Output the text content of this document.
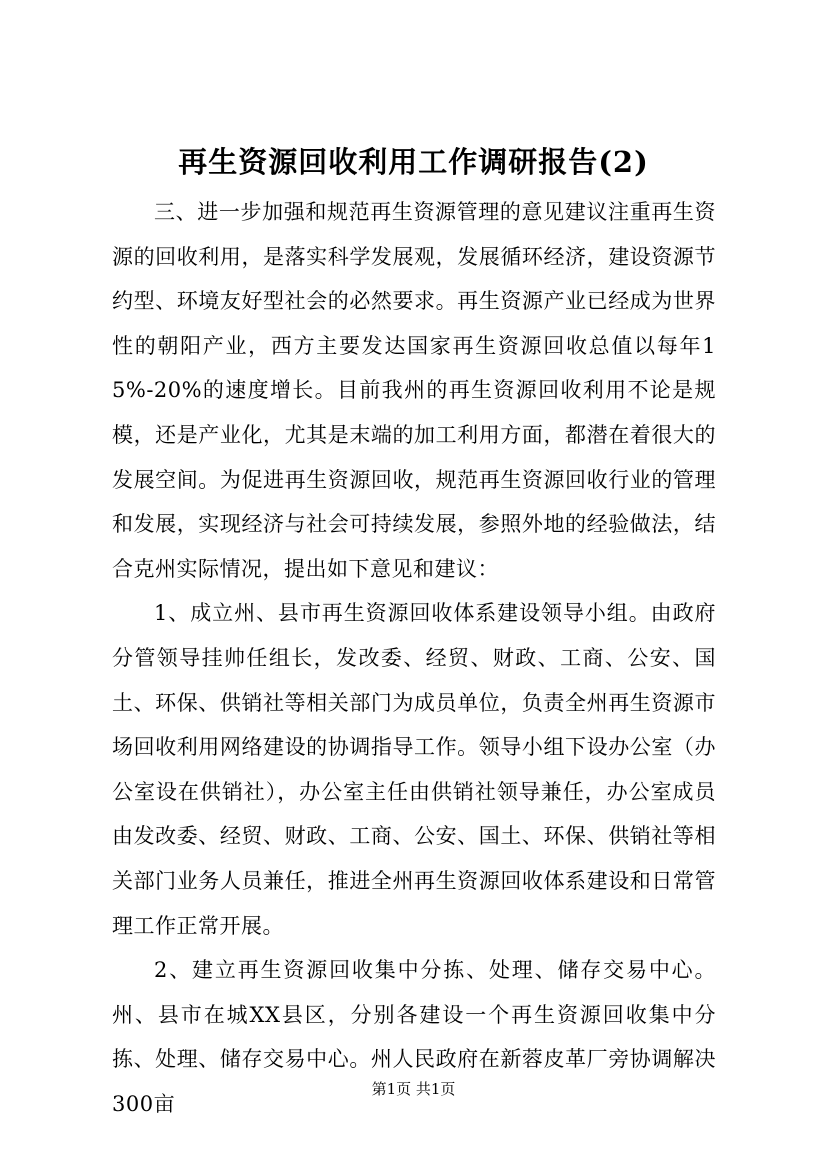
再生资源回收利用工作调研报告(2)

三、进一步加强和规范再生资源管理的意见建议注重再生资源的回收利用，是落实科学发展观，发展循环经济，建设资源节约型、环境友好型社会的必然要求。再生资源产业已经成为世界性的朝阳产业，西方主要发达国家再生资源回收总值以每年15%-20%的速度增长。目前我州的再生资源回收利用不论是规模，还是产业化，尤其是末端的加工利用方面，都潜在着很大的发展空间。为促进再生资源回收，规范再生资源回收行业的管理和发展，实现经济与社会可持续发展，参照外地的经验做法，结合克州实际情况，提出如下意见和建议：

1、成立州、县市再生资源回收体系建设领导小组。由政府分管领导挂帅任组长，发改委、经贸、财政、工商、公安、国土、环保、供销社等相关部门为成员单位，负责全州再生资源市场回收利用网络建设的协调指导工作。领导小组下设办公室（办公室设在供销社），办公室主任由供销社领导兼任，办公室成员由发改委、经贸、财政、工商、公安、国土、环保、供销社等相关部门业务人员兼任，推进全州再生资源回收体系建设和日常管理工作正常开展。

2、建立再生资源回收集中分拣、处理、储存交易中心。州、县市在城XX县区，分别各建设一个再生资源回收集中分拣、处理、储存交易中心。州人民政府在新蓉皮革厂旁协调解决300亩

第1页 共1页
